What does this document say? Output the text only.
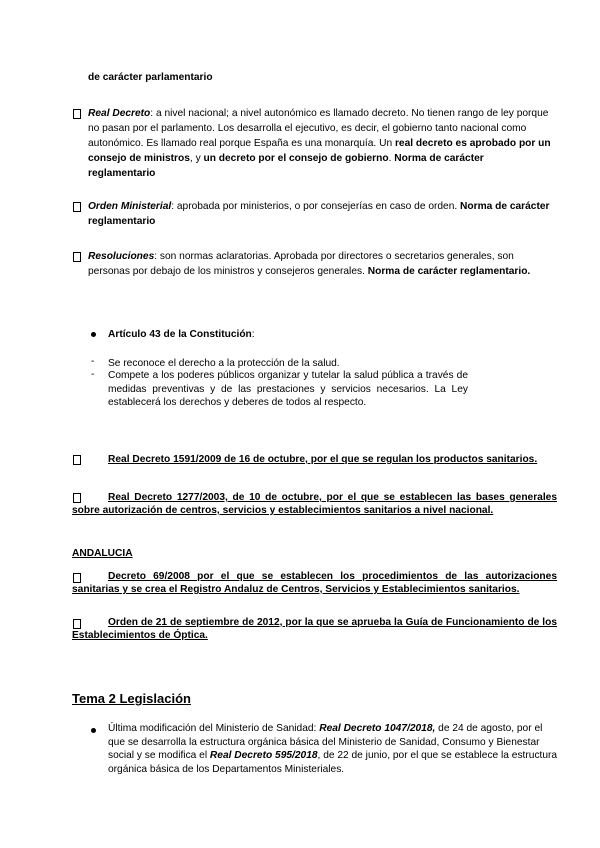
de carácter parlamentario
Real Decreto: a nivel nacional; a nivel autonómico es llamado decreto. No tienen rango de ley porque no pasan por el parlamento. Los desarrolla el ejecutivo, es decir, el gobierno tanto nacional como autonómico. Es llamado real porque España es una monarquía. Un real decreto es aprobado por un consejo de ministros, y un decreto por el consejo de gobierno. Norma de carácter reglamentario
Orden Ministerial: aprobada por ministerios, o por consejerías en caso de orden. Norma de carácter reglamentario
Resoluciones: son normas aclaratorias. Aprobada por directores o secretarios generales, son personas por debajo de los ministros y consejeros generales. Norma de carácter reglamentario.
Artículo 43 de la Constitución:
- Se reconoce el derecho a la protección de la salud.
- Compete a los poderes públicos organizar y tutelar la salud pública a través de medidas preventivas y de las prestaciones y servicios necesarios. La Ley establecerá los derechos y deberes de todos al respecto.
Real Decreto 1591/2009 de 16 de octubre, por el que se regulan los productos sanitarios.
Real Decreto 1277/2003, de 10 de octubre, por el que se establecen las bases generales sobre autorización de centros, servicios y establecimientos sanitarios a nivel nacional.
ANDALUCIA
Decreto 69/2008 por el que se establecen los procedimientos de las autorizaciones sanitarias y se crea el Registro Andaluz de Centros, Servicios y Establecimientos sanitarios.
Orden de 21 de septiembre de 2012, por la que se aprueba la Guía de Funcionamiento de los Establecimientos de Óptica.
Tema 2 Legislación
Última modificación del Ministerio de Sanidad: Real Decreto 1047/2018, de 24 de agosto, por el que se desarrolla la estructura orgánica básica del Ministerio de Sanidad, Consumo y Bienestar social y se modifica el Real Decreto 595/2018, de 22 de junio, por el que se establece la estructura orgánica básica de los Departamentos Ministeriales.
